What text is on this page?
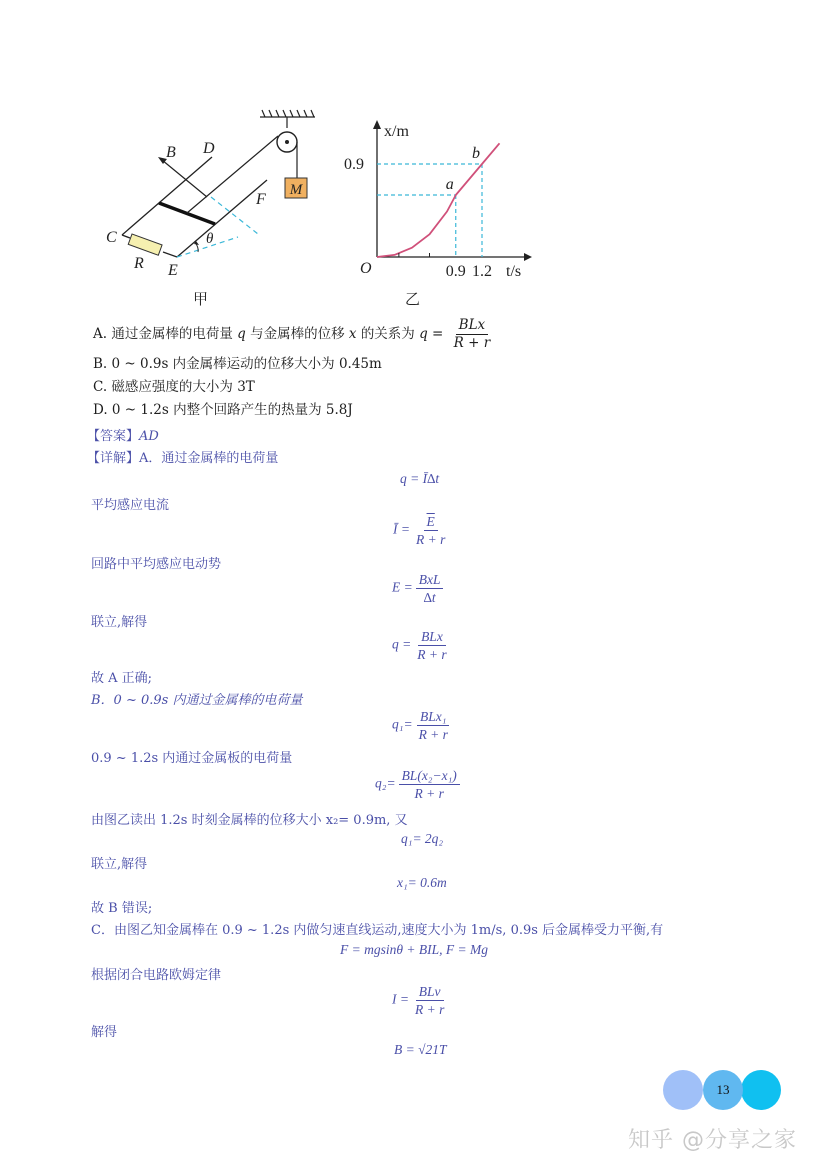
M
B D
C
R E
F
θ
甲
x/m
t/s
O
a
b
0.9 1.2
0.9
乙
A. 通过金属棒的电荷量 q 与金属棒的位移 x 的关系为 $q = \frac{\text{BLx}}{R + r}$
B. 0 ~ 0.9s 内金属棒运动的位移大小为 0.45m
C. 磁感应强度的大小为 3T
D. 0 ~ 1.2s 内整个回路产生的热量为 5.8J
【答案】AD
【详解】A．通过金属棒的电荷量
q = Ī∆t
平均感应电流
Ī = $\frac{\overline{E}}{R + r}$
回路中平均感应电动势
$E = \frac{\text{BxL}}{\Delta t}$
联立,解得
$q = \frac{\text{BLx}}{R + r}$
故 A 正确;
B．0 ~ 0.9s 内通过金属棒的电荷量
$q_1= \frac{\text{BLx₁}}{R + r}$
0.9 ~ 1.2s 内通过金属板的电荷量
$q_2= \frac{\text{BL(x₂−x₁)}}{R + r}$
由图乙读出 1.2s 时刻金属棒的位移大小 x₂= 0.9m, 又
q₁= 2q₂
联立,解得
x₁= 0.6m
故 B 错误;
C．由图乙知金属棒在 0.9 ~ 1.2s 内做匀速直线运动,速度大小为 1m/s, 0.9s 后金属棒受力平衡,有
F = mgsinθ + BIL, F = Mg
根据闭合电路欧姆定律
$I = \frac{\text{BLv}}{R + r}$
解得
B = √21T
13
知乎 @分享之家
